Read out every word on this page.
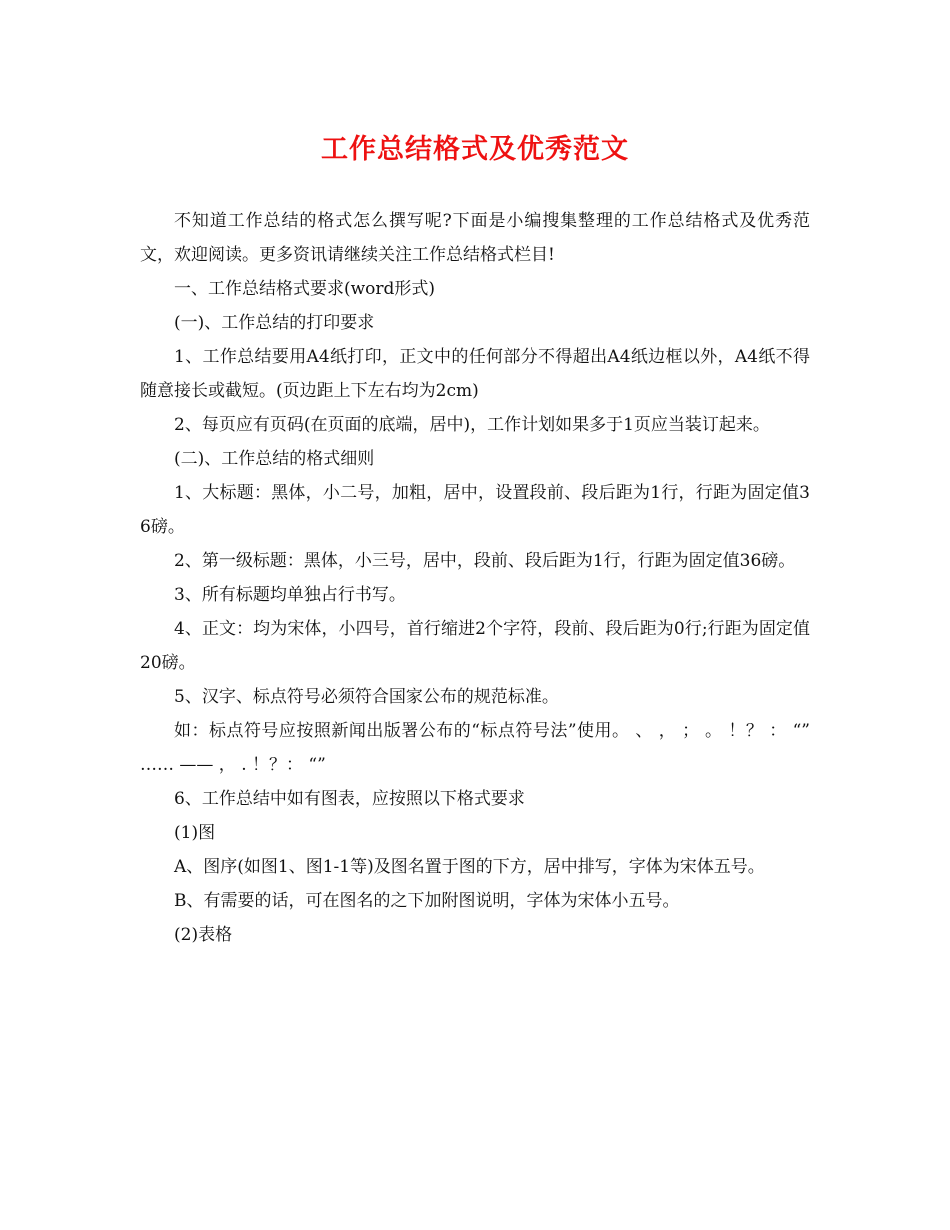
工作总结格式及优秀范文

不知道工作总结的格式怎么撰写呢?下面是小编搜集整理的工作总结格式及优秀范文，欢迎阅读。更多资讯请继续关注工作总结格式栏目!

一、工作总结格式要求(word形式)

(一)、工作总结的打印要求

1、工作总结要用A4纸打印，正文中的任何部分不得超出A4纸边框以外，A4纸不得随意接长或截短。(页边距上下左右均为2cm)

2、每页应有页码(在页面的底端，居中)，工作计划如果多于1页应当装订起来。

(二)、工作总结的格式细则

1、大标题：黑体，小二号，加粗，居中，设置段前、段后距为1行，行距为固定值36磅。

2、第一级标题：黑体，小三号，居中，段前、段后距为1行，行距为固定值36磅。

3、所有标题均单独占行书写。

4、正文：均为宋体，小四号，首行缩进2个字符，段前、段后距为0行;行距为固定值20磅。

5、汉字、标点符号必须符合国家公布的规范标准。

如：标点符号应按照新闻出版署公布的“标点符号法”使用。 、 ， ； 。 ！？ ： “” …… —— ， . ！？： “”

6、工作总结中如有图表，应按照以下格式要求

(1)图

A、图序(如图1、图1-1等)及图名置于图的下方，居中排写，字体为宋体五号。

B、有需要的话，可在图名的之下加附图说明，字体为宋体小五号。

(2)表格
